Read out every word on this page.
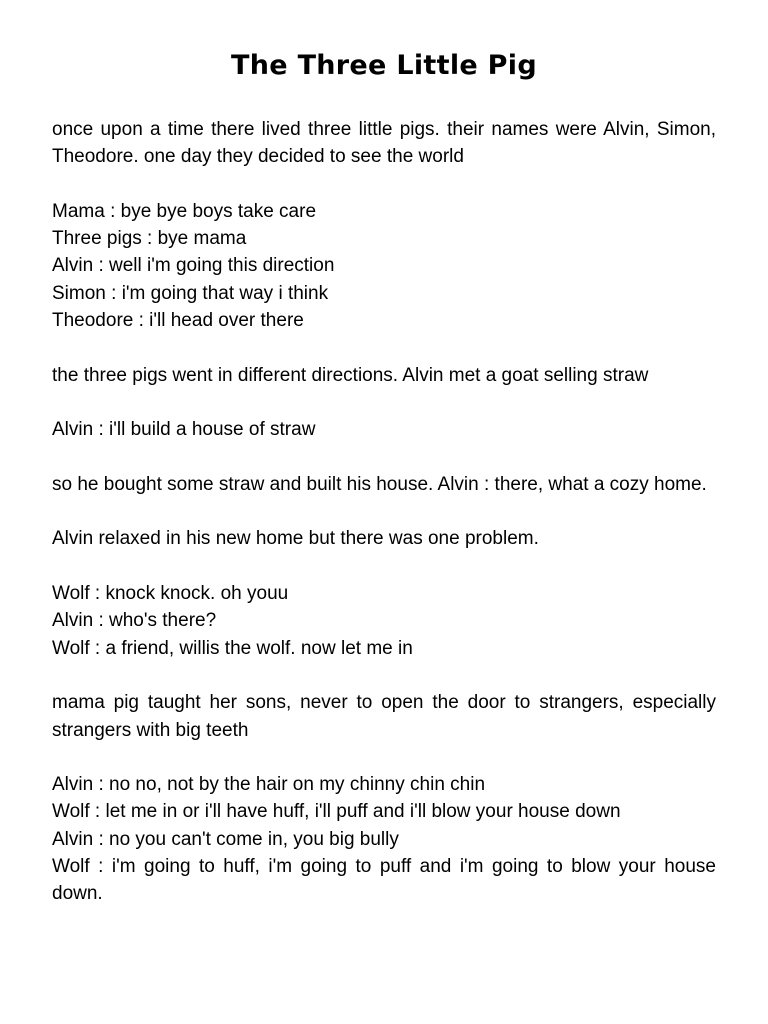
The Three Little Pig

once upon a time there lived three little pigs. their names were Alvin, Simon, Theodore. one day they decided to see the world

Mama : bye bye boys take care
Three pigs : bye mama
Alvin : well i'm going this direction
Simon : i'm going that way i think
Theodore : i'll head over there

the three pigs went in different directions. Alvin met a goat selling straw

Alvin : i'll build a house of straw

so he bought some straw and built his house. Alvin : there, what a cozy home.

Alvin relaxed in his new home but there was one problem.

Wolf : knock knock. oh youu
Alvin : who's there?
Wolf : a friend, willis the wolf. now let me in

mama pig taught her sons, never to open the door to strangers, especially strangers with big teeth

Alvin : no no, not by the hair on my chinny chin chin
Wolf : let me in or i'll have huff, i'll puff and i'll blow your house down
Alvin : no you can't come in, you big bully

Wolf : i'm going to huff, i'm going to puff and i'm going to blow your house down.
